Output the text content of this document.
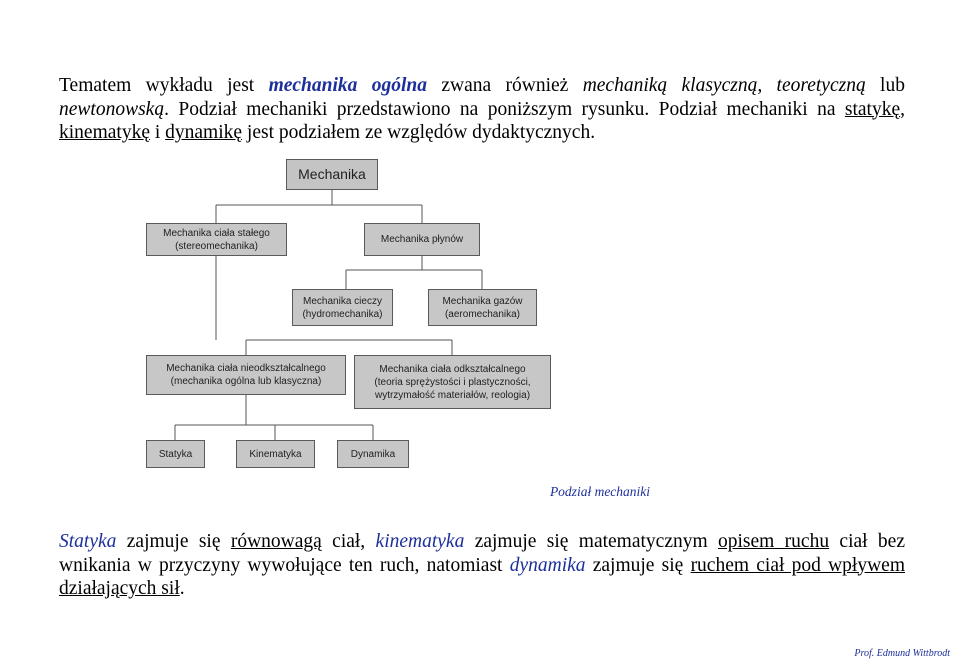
Tematem wykładu jest mechanika ogólna zwana również mechaniką klasyczną, teoretyczną lub newtonowską. Podział mechaniki przedstawiono na poniższym rysunku. Podział mechaniki na statykę, kinematykę i dynamikę jest podziałem ze względów dydaktycznych.
Mechanika
Mechanika ciała stałego
(stereomechanika)
Mechanika płynów
Mechanika cieczy
(hydromechanika)
Mechanika gazów
(aeromechanika)
Mechanika ciała nieodkształcalnego
(mechanika ogólna lub klasyczna)
Mechanika ciała odkształcalnego
(teoria sprężystości i plastyczności,
wytrzymałość materiałów, reologia)
Statyka	Kinematyka	Dynamika
Podział mechaniki
Statyka zajmuje się równowagą ciał, kinematyka zajmuje się matematycznym opisem ruchu ciał bez wnikania w przyczyny wywołujące ten ruch, natomiast dynamika zajmuje się ruchem ciał pod wpływem działających sił.
Prof. Edmund Wittbrodt
